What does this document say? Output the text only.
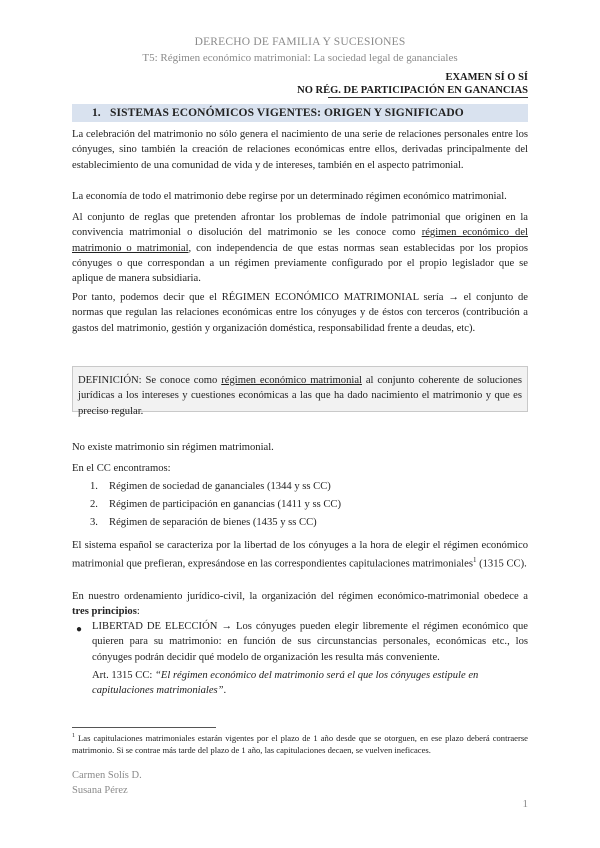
DERECHO DE FAMILIA Y SUCESIONES
T5: Régimen económico matrimonial: La sociedad legal de gananciales
EXAMEN SÍ O SÍ
NO RÉG. DE PARTICIPACIÓN EN GANANCIAS
1. SISTEMAS ECONÓMICOS VIGENTES: ORIGEN Y SIGNIFICADO
La celebración del matrimonio no sólo genera el nacimiento de una serie de relaciones personales entre los cónyuges, sino también la creación de relaciones económicas entre ellos, derivadas principalmente del establecimiento de una comunidad de vida y de intereses, también en el aspecto patrimonial.
La economía de todo el matrimonio debe regirse por un determinado régimen económico matrimonial.
Al conjunto de reglas que pretenden afrontar los problemas de índole patrimonial que originen en la convivencia matrimonial o disolución del matrimonio se les conoce como régimen económico del matrimonio o matrimonial, con independencia de que estas normas sean establecidas por los propios cónyuges o que correspondan a un régimen previamente configurado por el propio legislador que se aplique de manera subsidiaria.
Por tanto, podemos decir que el RÉGIMEN ECONÓMICO MATRIMONIAL sería → el conjunto de normas que regulan las relaciones económicas entre los cónyuges y de éstos con terceros (contribución a gastos del matrimonio, gestión y organización doméstica, responsabilidad frente a deudas, etc).
DEFINICIÓN: Se conoce como régimen económico matrimonial al conjunto coherente de soluciones jurídicas a los intereses y cuestiones económicas a las que ha dado nacimiento el matrimonio y que es preciso regular.
No existe matrimonio sin régimen matrimonial.
En el CC encontramos:
1. Régimen de sociedad de gananciales (1344 y ss CC)
2. Régimen de participación en ganancias (1411 y ss CC)
3. Régimen de separación de bienes (1435 y ss CC)
El sistema español se caracteriza por la libertad de los cónyuges a la hora de elegir el régimen económico matrimonial que prefieran, expresándose en las correspondientes capitulaciones matrimoniales$^1$ (1315 CC).
En nuestro ordenamiento jurídico-civil, la organización del régimen económico-matrimonial obedece a tres principios:
● LIBERTAD DE ELECCIÓN → Los cónyuges pueden elegir libremente el régimen económico que quieren para su matrimonio: en función de sus circunstancias personales, económicas etc., los cónyuges podrán decidir qué modelo de organización les resulta más conveniente.
Art. 1315 CC: “El régimen económico del matrimonio será el que los cónyuges estipule en capitulaciones matrimoniales”.
$^1$ Las capitulaciones matrimoniales estarán vigentes por el plazo de 1 año desde que se otorguen, en ese plazo deberá contraerse matrimonio. Si se contrae más tarde del plazo de 1 año, las capitulaciones decaen, se vuelven ineficaces.
Carmen Solís D.
Susana Pérez
1
